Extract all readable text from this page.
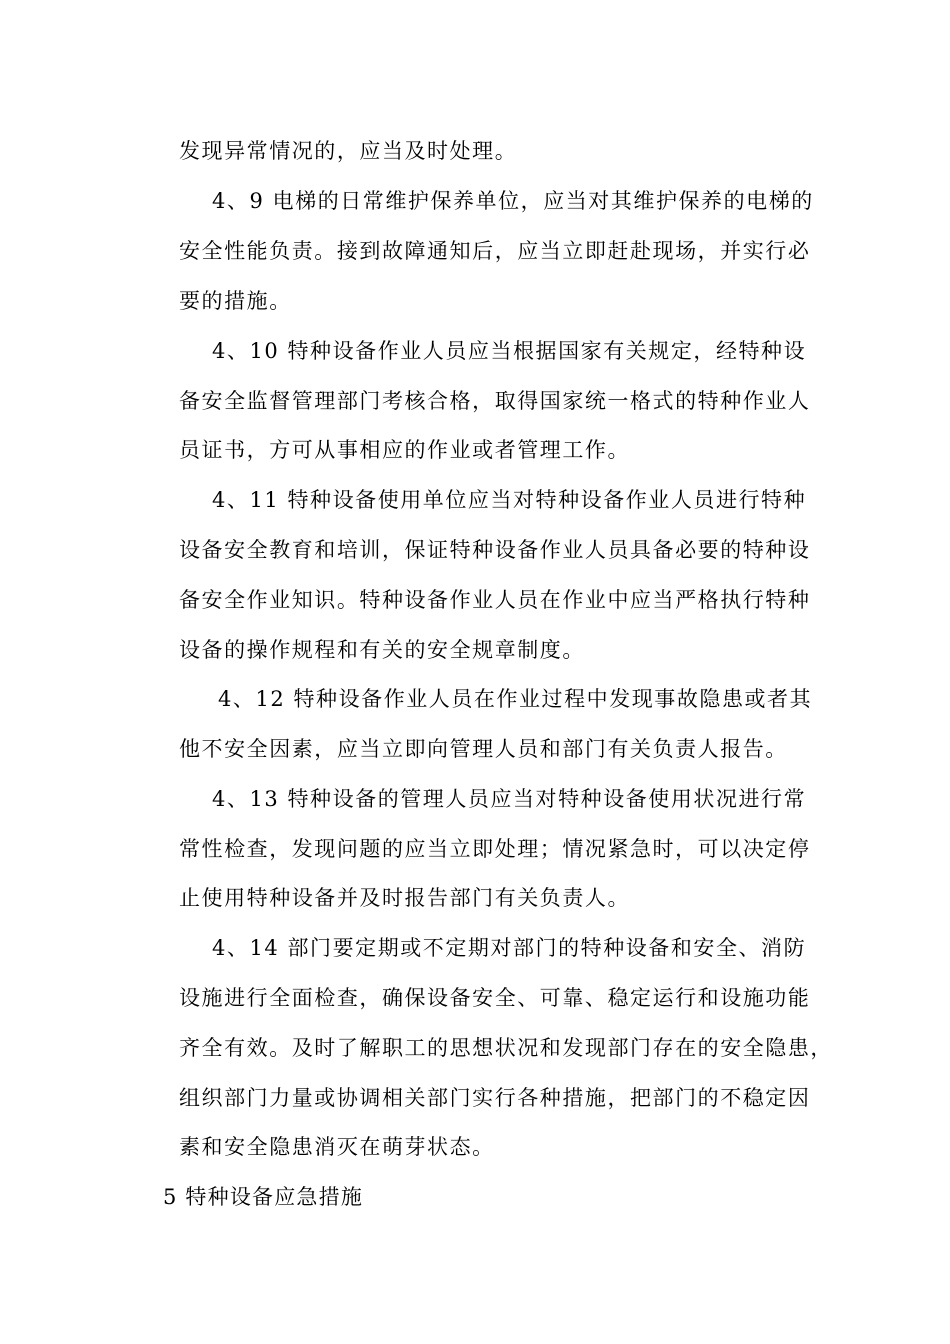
发现异常情况的，应当及时处理。
4、9 电梯的日常维护保养单位，应当对其维护保养的电梯的
安全性能负责。接到故障通知后，应当立即赶赴现场，并实行必
要的措施。
4、10 特种设备作业人员应当根据国家有关规定，经特种设
备安全监督管理部门考核合格，取得国家统一格式的特种作业人
员证书，方可从事相应的作业或者管理工作。
4、11 特种设备使用单位应当对特种设备作业人员进行特种
设备安全教育和培训，保证特种设备作业人员具备必要的特种设
备安全作业知识。特种设备作业人员在作业中应当严格执行特种
设备的操作规程和有关的安全规章制度。
4、12 特种设备作业人员在作业过程中发现事故隐患或者其
他不安全因素，应当立即向管理人员和部门有关负责人报告。
4、13 特种设备的管理人员应当对特种设备使用状况进行常
常性检查，发现问题的应当立即处理；情况紧急时，可以决定停
止使用特种设备并及时报告部门有关负责人。
4、14 部门要定期或不定期对部门的特种设备和安全、消防
设施进行全面检查，确保设备安全、可靠、稳定运行和设施功能
齐全有效。及时了解职工的思想状况和发现部门存在的安全隐患，
组织部门力量或协调相关部门实行各种措施，把部门的不稳定因
素和安全隐患消灭在萌芽状态。
5 特种设备应急措施
